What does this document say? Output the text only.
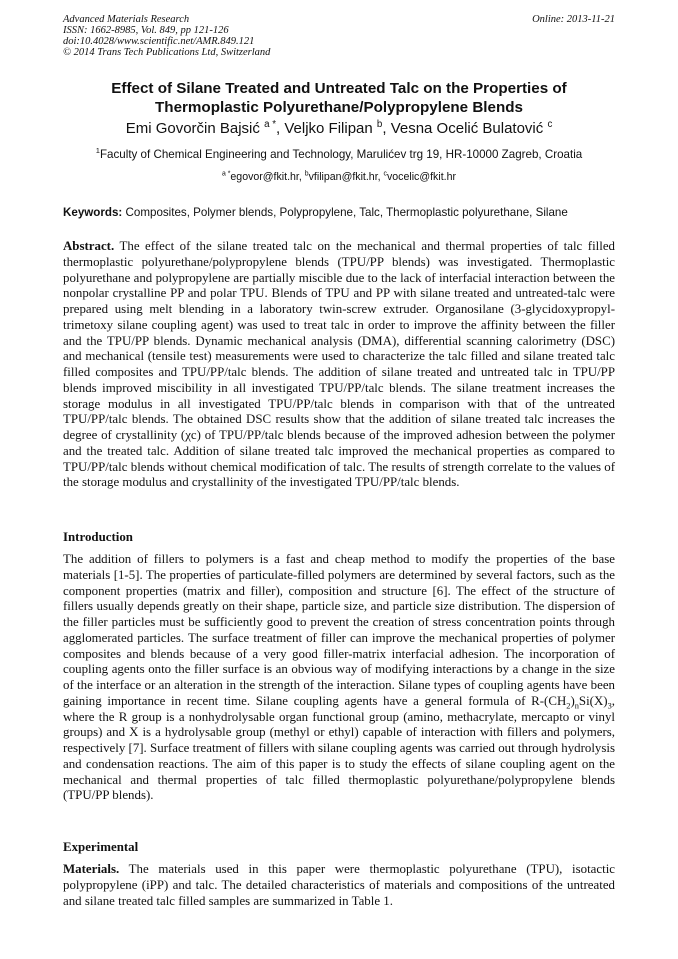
Advanced Materials Research
ISSN: 1662-8985, Vol. 849, pp 121-126
doi:10.4028/www.scientific.net/AMR.849.121
© 2014 Trans Tech Publications Ltd, Switzerland
Online: 2013-11-21
Effect of Silane Treated and Untreated Talc on the Properties of
Thermoplastic Polyurethane/Polypropylene Blends
Emi Govorčin Bajsić $^{a *}$, Veljko Filipan $^b$, Vesna Ocelić Bulatović $^c$
$^1$Faculty of Chemical Engineering and Technology, Marulićev trg 19, HR-10000 Zagreb, Croatia
$^{a *}$egovor@fkit.hr, $^b$vfilipan@fkit.hr, $^c$vocelic@fkit.hr
Keywords: Composites, Polymer blends, Polypropylene, Talc, Thermoplastic polyurethane, Silane
Abstract. The effect of the silane treated talc on the mechanical and thermal properties of talc filled thermoplastic polyurethane/polypropylene blends (TPU/PP blends) was investigated. Thermoplastic polyurethane and polypropylene are partially miscible due to the lack of interfacial interaction between the nonpolar crystalline PP and polar TPU. Blends of TPU and PP with silane treated and untreated-talc were prepared using melt blending in a laboratory twin-screw extruder. Organosilane (3-glycidoxypropyl-trimetoxy silane coupling agent) was used to treat talc in order to improve the affinity between the filler and the TPU/PP blends. Dynamic mechanical analysis (DMA), differential scanning calorimetry (DSC) and mechanical (tensile test) measurements were used to characterize the talc filled and silane treated talc filled composites and TPU/PP/talc blends. The addition of silane treated and untreated talc in TPU/PP blends improved miscibility in all investigated TPU/PP/talc blends. The silane treatment increases the storage modulus in all investigated TPU/PP/talc blends in comparison with that of the untreated TPU/PP/talc blends. The obtained DSC results show that the addition of silane treated talc increases the degree of crystallinity (χc) of TPU/PP/talc blends because of the improved adhesion between the polymer and the treated talc. Addition of silane treated talc improved the mechanical properties as compared to TPU/PP/talc blends without chemical modification of talc. The results of strength correlate to the values of the storage modulus and crystallinity of the investigated TPU/PP/talc blends.
Introduction
The addition of fillers to polymers is a fast and cheap method to modify the properties of the base materials [1-5]. The properties of particulate-filled polymers are determined by several factors, such as the component properties (matrix and filler), composition and structure [6]. The effect of the structure of fillers usually depends greatly on their shape, particle size, and particle size distribution. The dispersion of the filler particles must be sufficiently good to prevent the creation of stress concentration points through agglomerated particles. The surface treatment of filler can improve the mechanical properties of polymer composites and blends because of a very good filler-matrix interfacial adhesion. The incorporation of coupling agents onto the filler surface is an obvious way of modifying interactions by a change in the size of the interface or an alteration in the strength of the interaction. Silane types of coupling agents have been gaining importance in recent time. Silane coupling agents have a general formula of $R-(CH_2)_nSi(X)_3$, where the R group is a nonhydrolysable organ functional group (amino, methacrylate, mercapto or vinyl groups) and X is a hydrolysable group (methyl or ethyl) capable of interaction with fillers and polymers, respectively [7]. Surface treatment of fillers with silane coupling agents was carried out through hydrolysis and condensation reactions. The aim of this paper is to study the effects of silane coupling agent on the mechanical and thermal properties of talc filled thermoplastic polyurethane/polypropylene blends (TPU/PP blends).
Experimental
Materials. The materials used in this paper were thermoplastic polyurethane (TPU), isotactic polypropylene (iPP) and talc. The detailed characteristics of materials and compositions of the untreated and silane treated talc filled samples are summarized in Table 1.
